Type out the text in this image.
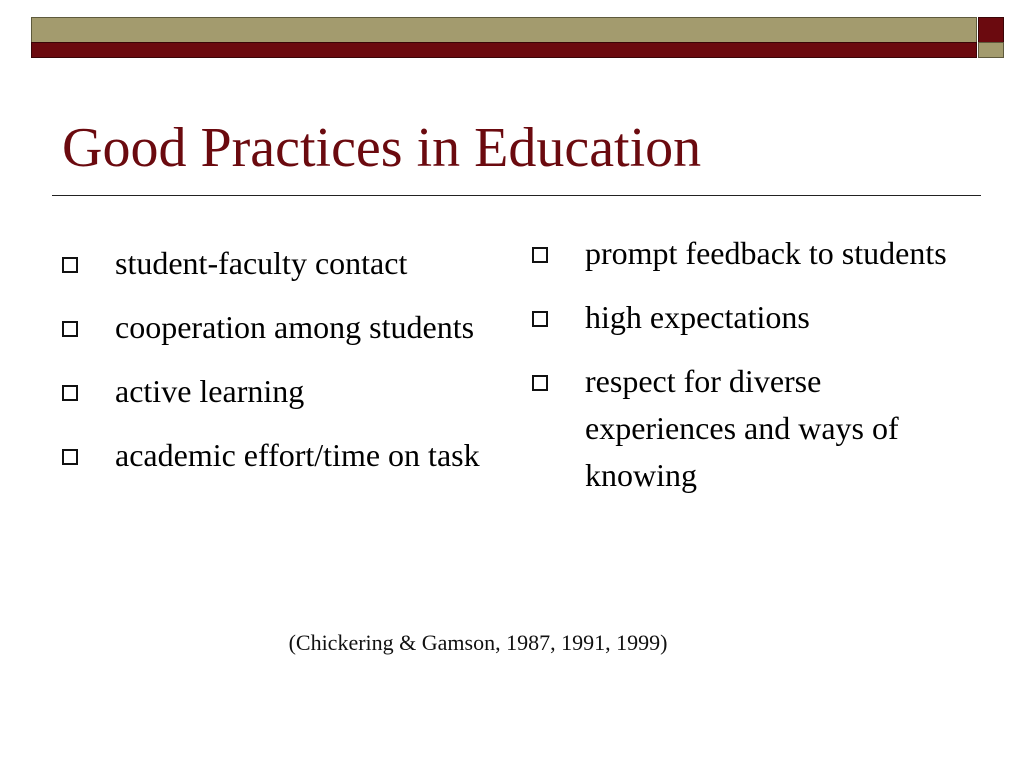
Good Practices in Education
student-faculty contact
cooperation among students
active learning
academic effort/time on task
prompt feedback to students
high expectations
respect for diverse experiences and ways of knowing
(Chickering & Gamson, 1987, 1991, 1999)
